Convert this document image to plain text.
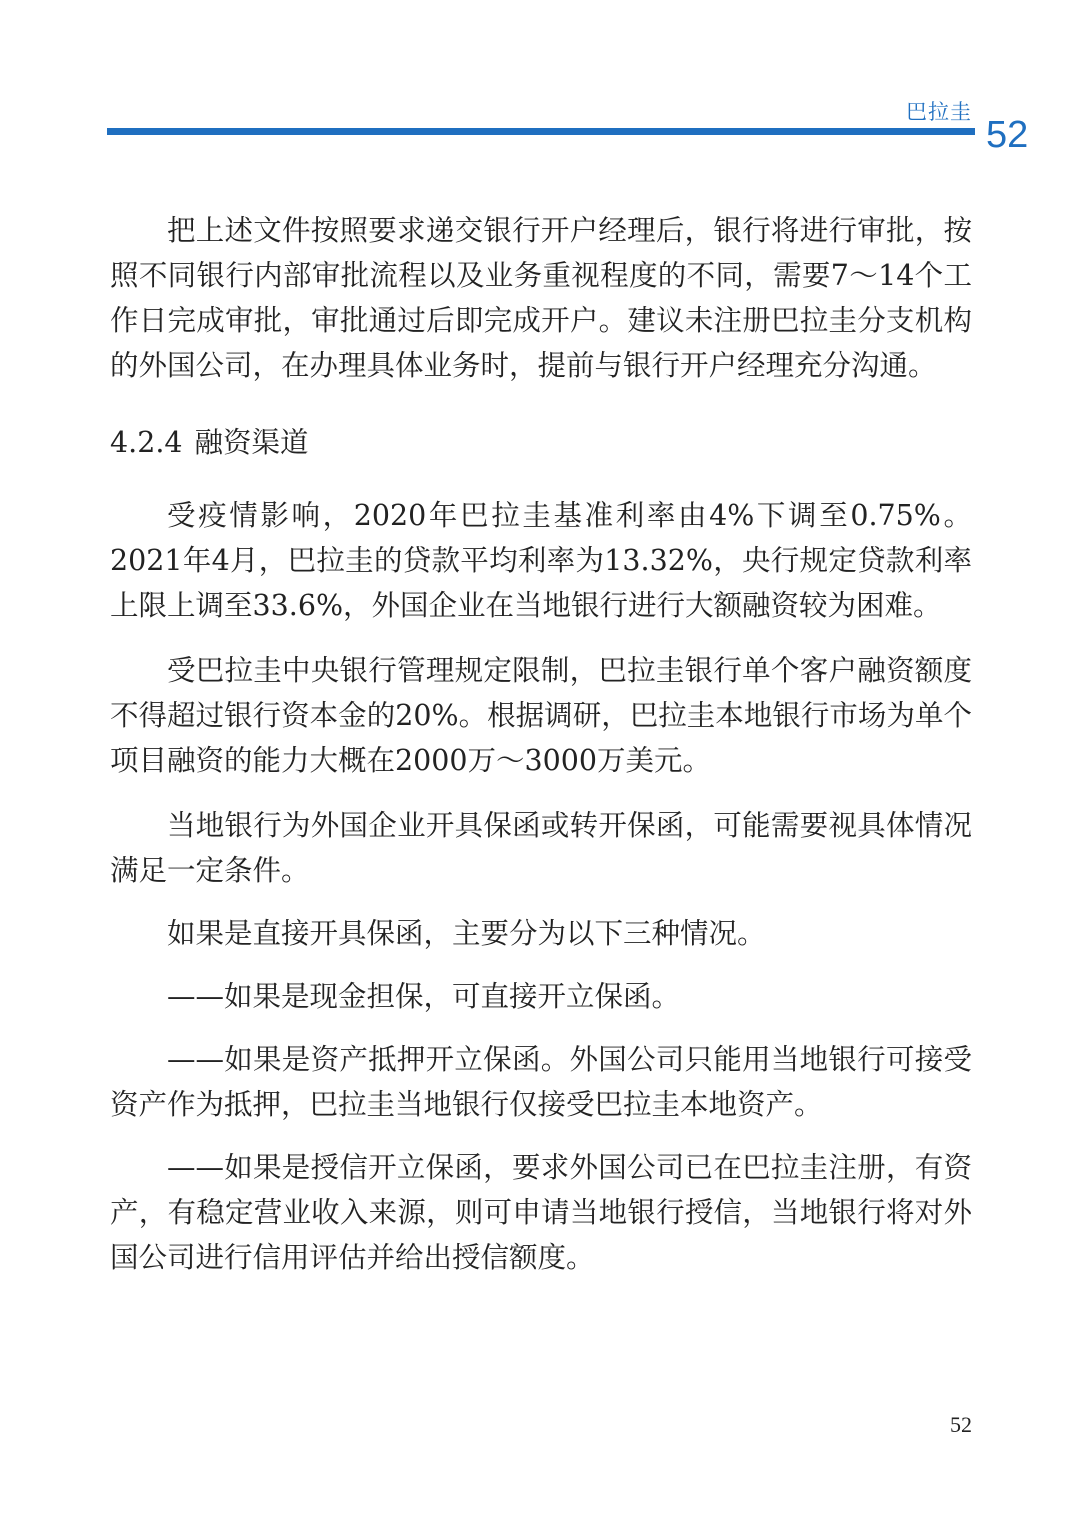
巴拉圭
52

把上述文件按照要求递交银行开户经理后，银行将进行审批，按照不同银行内部审批流程以及业务重视程度的不同，需要7～14个工作日完成审批，审批通过后即完成开户。建议未注册巴拉圭分支机构的外国公司，在办理具体业务时，提前与银行开户经理充分沟通。

4.2.4 融资渠道

受疫情影响，2020年巴拉圭基准利率由4%下调至0.75%。2021年4月，巴拉圭的贷款平均利率为13.32%，央行规定贷款利率上限上调至33.6%，外国企业在当地银行进行大额融资较为困难。

受巴拉圭中央银行管理规定限制，巴拉圭银行单个客户融资额度不得超过银行资本金的20%。根据调研，巴拉圭本地银行市场为单个项目融资的能力大概在2000万～3000万美元。

当地银行为外国企业开具保函或转开保函，可能需要视具体情况满足一定条件。

如果是直接开具保函，主要分为以下三种情况。

——如果是现金担保，可直接开立保函。

——如果是资产抵押开立保函。外国公司只能用当地银行可接受资产作为抵押，巴拉圭当地银行仅接受巴拉圭本地资产。

——如果是授信开立保函，要求外国公司已在巴拉圭注册，有资产，有稳定营业收入来源，则可申请当地银行授信，当地银行将对外国公司进行信用评估并给出授信额度。

52
